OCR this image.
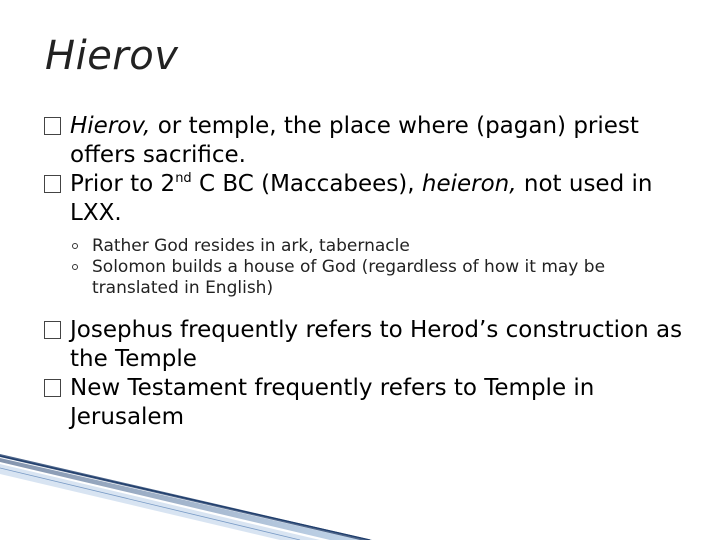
Hierov

Hierov, or temple, the place where (pagan) priest offers sacrifice.

Prior to 2nd C BC (Maccabees), heieron, not used in LXX.

Rather God resides in ark, tabernacle
Solomon builds a house of God (regardless of how it may be translated in English)

Josephus frequently refers to Herod’s construction as the Temple

New Testament frequently refers to Temple in Jerusalem
